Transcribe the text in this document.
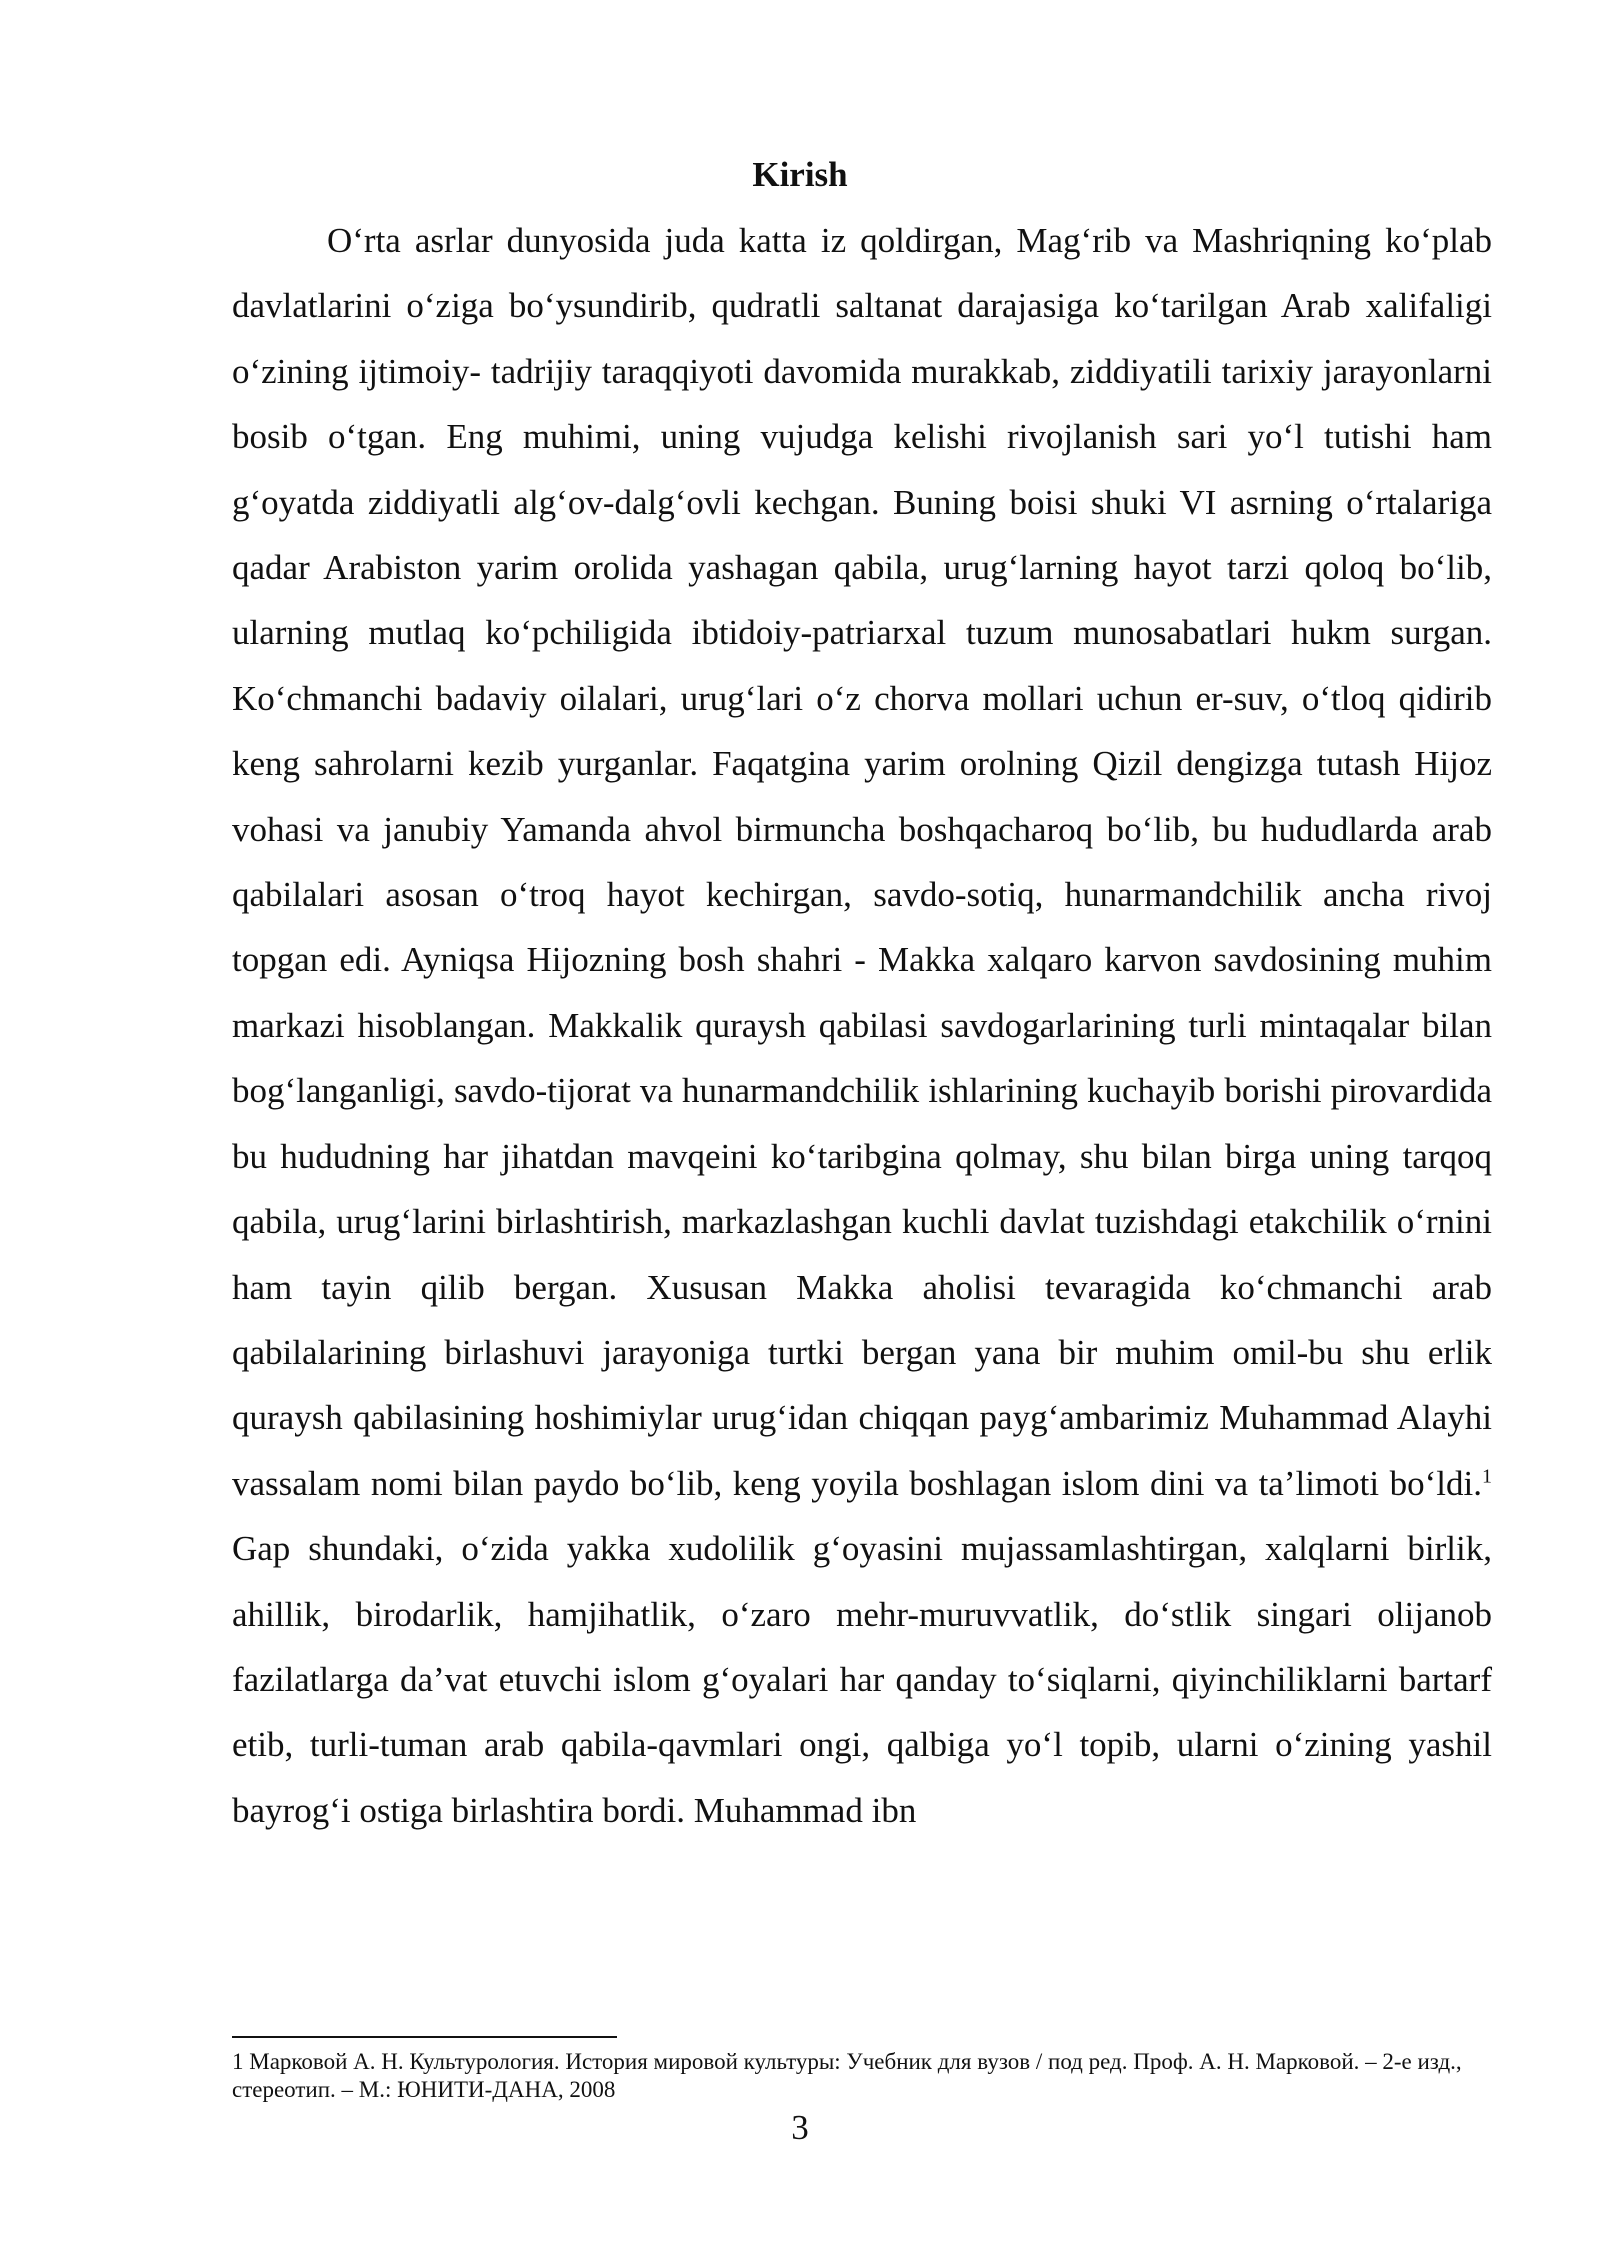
Kirish

O‘rta asrlar dunyosida juda katta iz qoldirgan, Mag‘rib va Mashriqning ko‘plab davlatlarini o‘ziga bo‘ysundirib, qudratli saltanat darajasiga ko‘tarilgan Arab xalifaligi o‘zining ijtimoiy- tadrijiy taraqqiyoti davomida murakkab, ziddiyatili tarixiy jarayonlarni bosib o‘tgan. Eng muhimi, uning vujudga kelishi rivojlanish sari yo‘l tutishi ham g‘oyatda ziddiyatli alg‘ov-dalg‘ovli kechgan. Buning boisi shuki VI asrning o‘rtalariga qadar Arabiston yarim orolida yashagan qabila, urug‘larning hayot tarzi qoloq bo‘lib, ularning mutlaq ko‘pchiligida ibtidoiy-patriarxal tuzum munosabatlari hukm surgan. Ko‘chmanchi badaviy oilalari, urug‘lari o‘z chorva mollari uchun er-suv, o‘tloq qidirib keng sahrolarni kezib yurganlar. Faqatgina yarim orolning Qizil dengizga tutash Hijoz vohasi va janubiy Yamanda ahvol birmuncha boshqacharoq bo‘lib, bu hududlarda arab qabilalari asosan o‘troq hayot kechirgan, savdo-sotiq, hunarmandchilik ancha rivoj topgan edi. Ayniqsa Hijozning bosh shahri - Makka xalqaro karvon savdosining muhim markazi hisoblangan. Makkalik quraysh qabilasi savdogarlarining turli mintaqalar bilan bog‘langanligi, savdo-tijorat va hunarmandchilik ishlarining kuchayib borishi pirovardida bu hududning har jihatdan mavqeini ko‘taribgina qolmay, shu bilan birga uning tarqoq qabila, urug‘larini birlashtirish, markazlashgan kuchli davlat tuzishdagi etakchilik o‘rnini ham tayin qilib bergan. Xususan Makka aholisi tevaragida ko‘chmanchi arab qabilalarining birlashuvi jarayoniga turtki bergan yana bir muhim omil-bu shu erlik quraysh qabilasining hoshimiylar urug‘idan chiqqan payg‘ambarimiz Muhammad Alayhi vassalam nomi bilan paydo bo‘lib, keng yoyila boshlagan islom dini va ta’limoti bo‘ldi.$^1$ Gap shundaki, o‘zida yakka xudolilik g‘oyasini mujassamlashtirgan, xalqlarni birlik, ahillik, birodarlik, hamjihatlik, o‘zaro mehr-muruvvatlik, do‘stlik singari olijanob fazilatlarga da’vat etuvchi islom g‘oyalari har qanday to‘siqlarni, qiyinchiliklarni bartarf etib, turli-tuman arab qabila-qavmlari ongi, qalbiga yo‘l topib, ularni o‘zining yashil bayrog‘i ostiga birlashtira bordi. Muhammad ibn

1 Марковой А. Н. Культурология. История мировой культуры: Учебник для вузов / под ред. Проф. А. Н. Марковой. – 2-е изд., стереотип. – М.: ЮНИТИ-ДАНА, 2008

3
